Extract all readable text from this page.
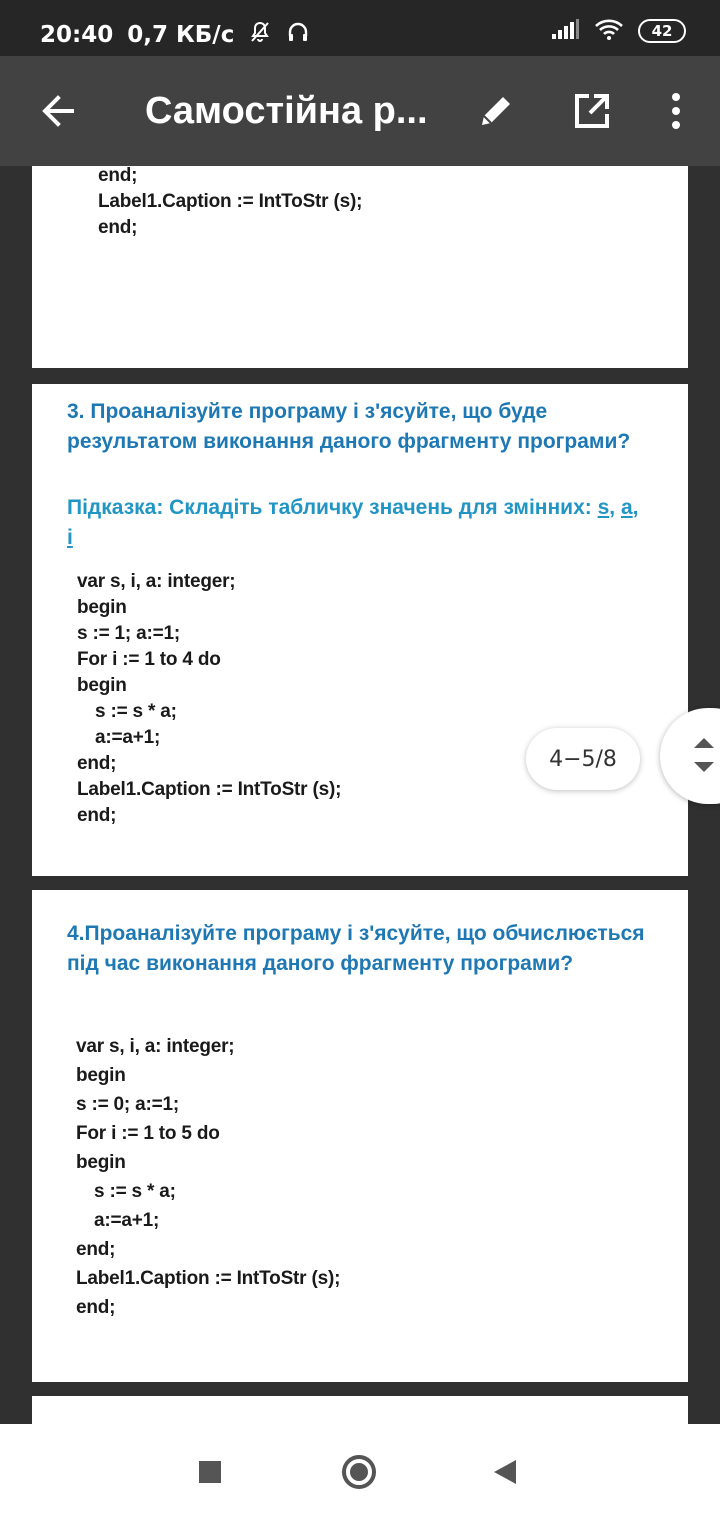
20:40 0,7 КБ/с	42
Самостійна р...
end;
Label1.Caption := IntToStr (s);
end;
3. Проаналізуйте програму і з'ясуйте, що буде результатом виконання даного фрагменту програми?
Підказка: Складіть табличку значень для змінних: s, a, i
var s, i, a: integer;
begin
s := 1; a:=1;
For i := 1 to 4 do
begin
s := s * a;
a:=a+1;
end;
Label1.Caption := IntToStr (s);
end;
4.Проаналізуйте програму і з'ясуйте, що обчислюється під час виконання даного фрагменту програми?
var s, i, a: integer;
begin
s := 0; a:=1;
For i := 1 to 5 do
begin
s := s * a;
a:=a+1;
end;
Label1.Caption := IntToStr (s);
end;
4−5/8
